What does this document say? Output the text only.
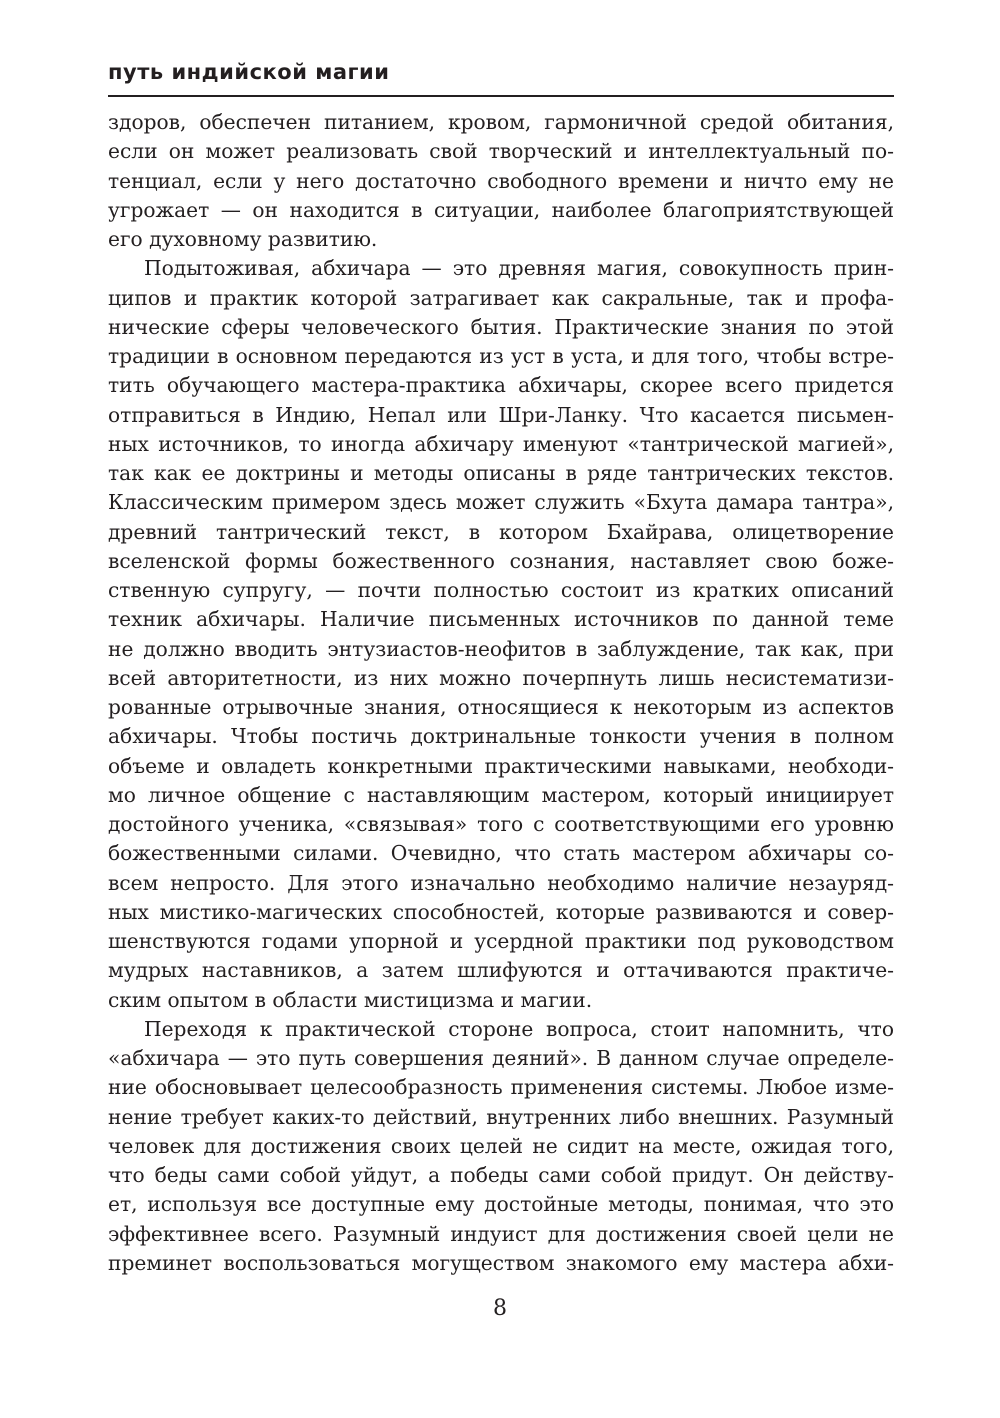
путь индийской магии
здоров, обеспечен питанием, кровом, гармоничной средой обитания,
если он может реализовать свой творческий и интеллектуальный по-
тенциал, если у него достаточно свободного времени и ничто ему не
угрожает — он находится в ситуации, наиболее благоприятствующей
его духовному развитию.
Подытоживая, абхичара — это древняя магия, совокупность прин-
ципов и практик которой затрагивает как сакральные, так и профа-
нические сферы человеческого бытия. Практические знания по этой
традиции в основном передаются из уст в уста, и для того, чтобы встре-
тить обучающего мастера-практика абхичары, скорее всего придется
отправиться в Индию, Непал или Шри-Ланку. Что касается письмен-
ных источников, то иногда абхичару именуют «тантрической магией»,
так как ее доктрины и методы описаны в ряде тантрических текстов.
Классическим примером здесь может служить «Бхута дамара тантра»,
древний тантрический текст, в котором Бхайрава, олицетворение
вселенской формы божественного сознания, наставляет свою боже-
ственную супругу, — почти полностью состоит из кратких описаний
техник абхичары. Наличие письменных источников по данной теме
не должно вводить энтузиастов-неофитов в заблуждение, так как, при
всей авторитетности, из них можно почерпнуть лишь несистематизи-
рованные отрывочные знания, относящиеся к некоторым из аспектов
абхичары. Чтобы постичь доктринальные тонкости учения в полном
объеме и овладеть конкретными практическими навыками, необходи-
мо личное общение с наставляющим мастером, который инициирует
достойного ученика, «связывая» того с соответствующими его уровню
божественными силами. Очевидно, что стать мастером абхичары со-
всем непросто. Для этого изначально необходимо наличие незауряд-
ных мистико-магических способностей, которые развиваются и совер-
шенствуются годами упорной и усердной практики под руководством
мудрых наставников, а затем шлифуются и оттачиваются практиче-
ским опытом в области мистицизма и магии.
Переходя к практической стороне вопроса, стоит напомнить, что
«абхичара — это путь совершения деяний». В данном случае определе-
ние обосновывает целесообразность применения системы. Любое изме-
нение требует каких-то действий, внутренних либо внешних. Разумный
человек для достижения своих целей не сидит на месте, ожидая того,
что беды сами собой уйдут, а победы сами собой придут. Он действу-
ет, используя все доступные ему достойные методы, понимая, что это
эффективнее всего. Разумный индуист для достижения своей цели не
преминет воспользоваться могуществом знакомого ему мастера абхи-
8
